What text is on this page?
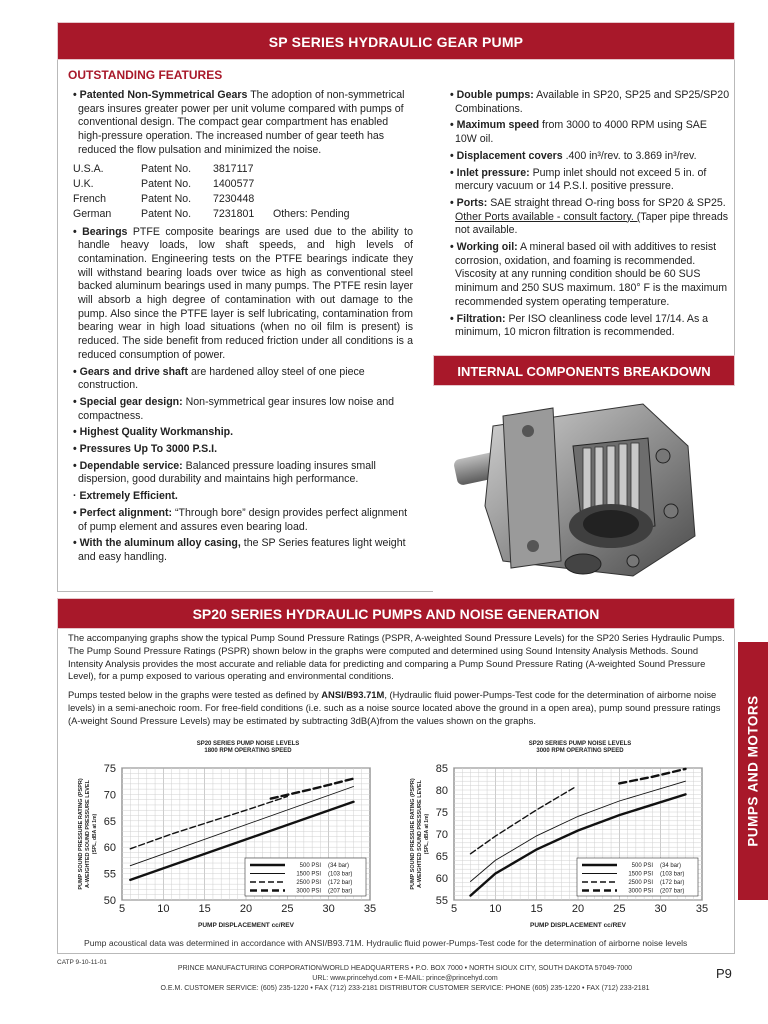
SP SERIES HYDRAULIC GEAR PUMP
OUTSTANDING FEATURES

• Patented Non-Symmetrical Gears The adoption of non-symmetrical gears insures greater power per unit volume compared with pumps of conventional design. The compact gear compartment has enabled high-pressure operation. The increased number of gear teeth has reduced the flow pulsation and minimized the noise.

U.S.A.	Patent No.	3817117	
U.K.	Patent No.	1400577	
French	Patent No.	7230448	
German	Patent No.	7231801	Others: Pending

• Bearings PTFE composite bearings are used due to the ability to handle heavy loads, low shaft speeds, and high levels of contamination. Engineering tests on the PTFE bearings indicate they will withstand bearing loads over twice as high as conventional steel backed aluminum bearings used in many pumps. The PTFE resin layer will absorb a high degree of contamination with out damage to the pump. Also since the PTFE layer is self lubricating, contamination from bearing wear in high load situations (when no oil film is present) is reduced. The side benefit from reduced friction under all conditions is a reduced consumption of power.

• Gears and drive shaft are hardened alloy steel of one piece construction.

• Special gear design: Non-symmetrical gear insures low noise and compactness.

• Highest Quality Workmanship.

• Pressures Up To 3000 P.S.I.

• Dependable service: Balanced pressure loading insures small dispersion, good durability and maintains high performance.

· Extremely Efficient.

• Perfect alignment: “Through bore” design provides perfect alignment of pump element and assures even bearing load.

• With the aluminum alloy casing, the SP Series features light weight and easy handling.

• Double pumps: Available in SP20, SP25 and SP25/SP20 Combinations.

• Maximum speed from 3000 to 4000 RPM using SAE 10W oil.

• Displacement covers .400 in³/rev. to 3.869 in³/rev.

• Inlet pressure: Pump inlet should not exceed 5 in. of mercury vacuum or 14 P.S.I. positive pressure.

• Ports: SAE straight thread O-ring boss for SP20 & SP25. Other Ports available - consult factory. (Taper pipe threads not available.

• Working oil: A mineral based oil with additives to resist corrosion, oxidation, and foaming is recommended. Viscosity at any running condition should be 60 SUS minimum and 250 SUS maximum. 180° F is the maximum recommended system operating temperature.

• Filtration: Per ISO cleanliness code level 17/14. As a minimum, 10 micron filtration is recommended.

INTERNAL COMPONENTS BREAKDOWN
SP20 SERIES HYDRAULIC PUMPS AND NOISE GENERATION

The accompanying graphs show the typical Pump Sound Pressure Ratings (PSPR, A-weighted Sound Pressure Levels) for the SP20 Series Hydraulic Pumps. The Pump Sound Pressure Ratings (PSPR) shown below in the graphs were computed and determined using Sound Intensity Analysis Methods. Sound Intensity Analysis provides the most accurate and reliable data for predicting and comparing a Pump Sound Pressure Rating (A-weighted Sound Pressure Level), for a pump exposed to various operating and environmental conditions.

Pumps tested below in the graphs were tested as defined by ANSI/B93.71M, (Hydraulic fluid power-Pumps-Test code for the determination of airborne noise levels) in a semi-anechoic room. For free-field conditions (i.e. such as a noise source located above the ground in a open area), pump sound pressure ratings (A-weight Sound Pressure Levels) may be estimated by subtracting 3dB(A)from the values shown on the graphs.

SP20 SERIES PUMP NOISE LEVELS
1800 RPM OPERATING SPEED
5	10	15	20	25	30	35
50
55
60
65
70
75
PUMP DISPLACEMENT cc/REV
PUMP SOUND PRESSURE RATING (PSPR) A-WEIGHTED SOUND PRESSURE LEVEL (SPL, dBA at 1m)
500 PSI (34 bar)
1500 PSI (103 bar)
2500 PSI (172 bar)
3000 PSI (207 bar)
SP20 SERIES PUMP NOISE LEVELS
3000 RPM OPERATING SPEED
5	10	15	20	25	30	35
55
60
65
70
75
80
85
PUMP DISPLACEMENT cc/REV
PUMP SOUND PRESSURE RATING (PSPR) A-WEIGHTED SOUND PRESSURE LEVEL (SPL, dBA at 1m)
500 PSI (34 bar)
1500 PSI (103 bar)
2500 PSI (172 bar)
3000 PSI (207 bar)
PUMPS AND MOTORS
Pump acoustical data was determined in accordance with ANSI/B93.71M. Hydraulic fluid power-Pumps-Test code for the determination of airborne noise levels
CATP 9-10-11-01
PRINCE MANUFACTURING CORPORATION/WORLD HEADQUARTERS • P.O. BOX 7000 • NORTH SIOUX CITY, SOUTH DAKOTA 57049-7000
URL: www.princehyd.com • E-MAIL: prince@princehyd.com
O.E.M. CUSTOMER SERVICE: (605) 235-1220 • FAX (712) 233-2181 DISTRIBUTOR CUSTOMER SERVICE: PHONE (605) 235-1220 • FAX (712) 233-2181
P9
